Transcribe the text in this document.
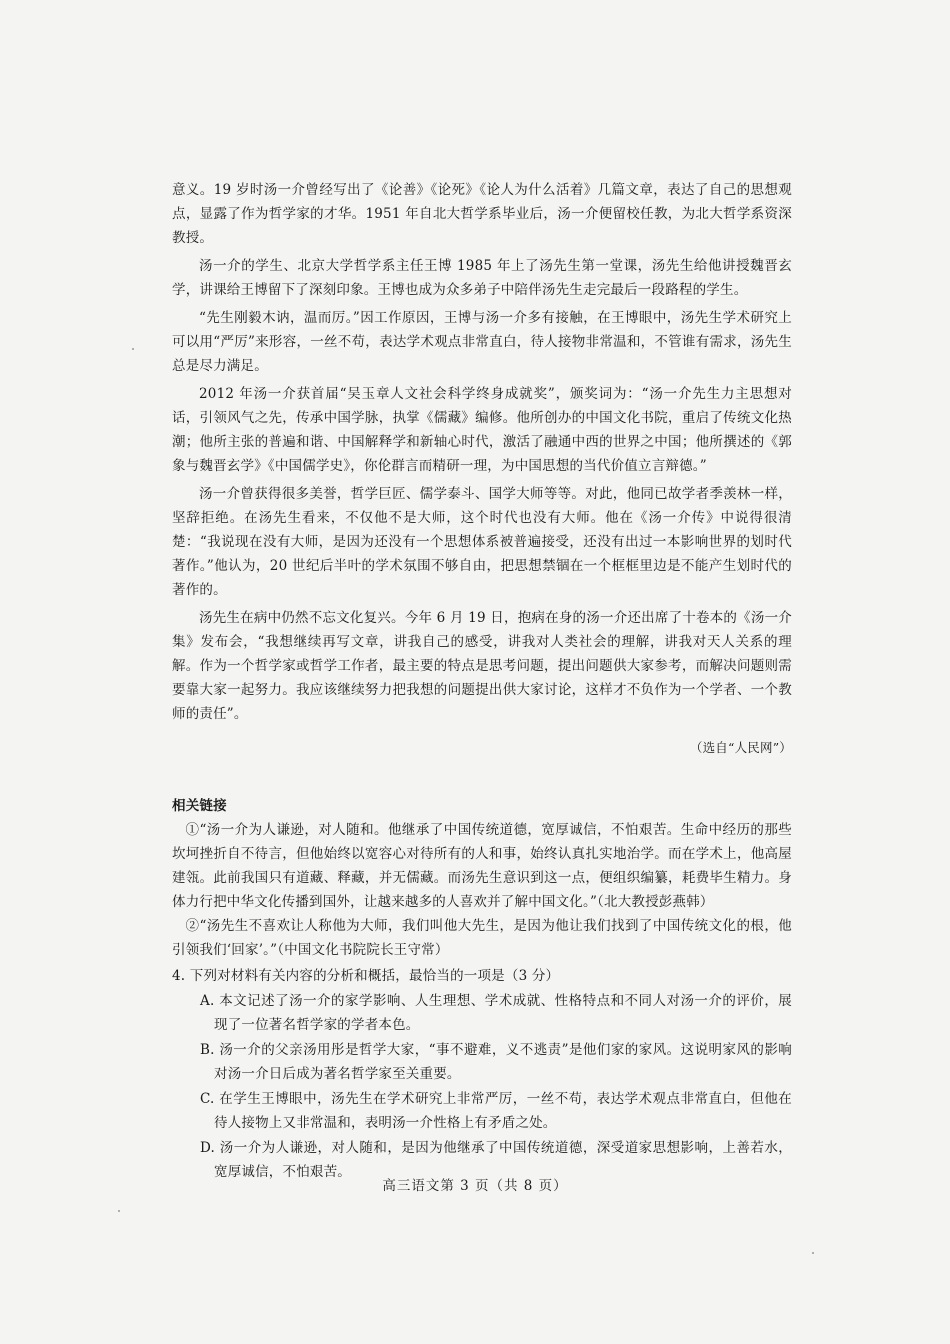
意义。19 岁时汤一介曾经写出了《论善》《论死》《论人为什么活着》几篇文章，表达了自己的思想观点，显露了作为哲学家的才华。1951 年自北大哲学系毕业后，汤一介便留校任教，为北大哲学系资深教授。

汤一介的学生、北京大学哲学系主任王博 1985 年上了汤先生第一堂课，汤先生给他讲授魏晋玄学，讲课给王博留下了深刻印象。王博也成为众多弟子中陪伴汤先生走完最后一段路程的学生。

“先生刚毅木讷，温而厉。”因工作原因，王博与汤一介多有接触，在王博眼中，汤先生学术研究上可以用“严厉”来形容，一丝不苟，表达学术观点非常直白，待人接物非常温和，不管谁有需求，汤先生总是尽力满足。

2012 年汤一介获首届“吴玉章人文社会科学终身成就奖”，颁奖词为：“汤一介先生力主思想对话，引领风气之先，传承中国学脉，执掌《儒藏》编修。他所创办的中国文化书院，重启了传统文化热潮；他所主张的普遍和谐、中国解释学和新轴心时代，激活了融通中西的世界之中国；他所撰述的《郭象与魏晋玄学》《中国儒学史》，你伦群言而精研一理，为中国思想的当代价值立言辩德。”

汤一介曾获得很多美誉，哲学巨匠、儒学泰斗、国学大师等等。对此，他同已故学者季羡林一样，坚辞拒绝。在汤先生看来，不仅他不是大师，这个时代也没有大师。他在《汤一介传》中说得很清楚：“我说现在没有大师，是因为还没有一个思想体系被普遍接受，还没有出过一本影响世界的划时代著作。”他认为，20 世纪后半叶的学术氛围不够自由，把思想禁锢在一个框框里边是不能产生划时代的著作的。

汤先生在病中仍然不忘文化复兴。今年 6 月 19 日，抱病在身的汤一介还出席了十卷本的《汤一介集》发布会，“我想继续再写文章，讲我自己的感受，讲我对人类社会的理解，讲我对天人关系的理解。作为一个哲学家或哲学工作者，最主要的特点是思考问题，提出问题供大家参考，而解决问题则需要靠大家一起努力。我应该继续努力把我想的问题提出供大家讨论，这样才不负作为一个学者、一个教师的责任”。

（选自“人民网”）

相关链接

①“汤一介为人谦逊，对人随和。他继承了中国传统道德，宽厚诚信，不怕艰苦。生命中经历的那些坎坷挫折自不待言，但他始终以宽容心对待所有的人和事，始终认真扎实地治学。而在学术上，他高屋建瓴。此前我国只有道藏、释藏，并无儒藏。而汤先生意识到这一点，便组织编纂，耗费毕生精力。身体力行把中华文化传播到国外，让越来越多的人喜欢并了解中国文化。”（北大教授彭燕韩）

②“汤先生不喜欢让人称他为大师，我们叫他大先生，是因为他让我们找到了中国传统文化的根，他引领我们‘回家’。”（中国文化书院院长王守常）

4. 下列对材料有关内容的分析和概括，最恰当的一项是（3 分）

A. 本文记述了汤一介的家学影响、人生理想、学术成就、性格特点和不同人对汤一介的评价，展现了一位著名哲学家的学者本色。

B. 汤一介的父亲汤用彤是哲学大家，“事不避难，义不逃责”是他们家的家风。这说明家风的影响对汤一介日后成为著名哲学家至关重要。

C. 在学生王博眼中，汤先生在学术研究上非常严厉，一丝不苟，表达学术观点非常直白，但他在待人接物上又非常温和，表明汤一介性格上有矛盾之处。

D. 汤一介为人谦逊，对人随和，是因为他继承了中国传统道德，深受道家思想影响，上善若水，宽厚诚信，不怕艰苦。

高三语文第 3 页（共 8 页）
